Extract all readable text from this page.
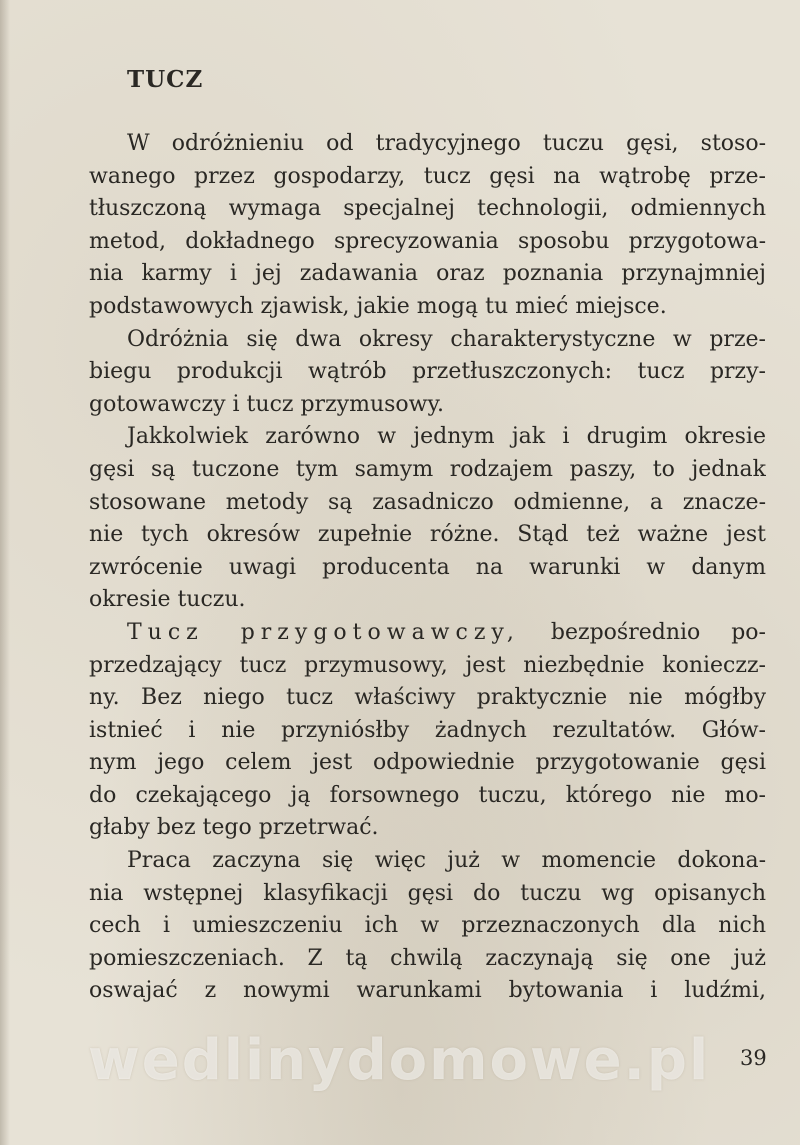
TUCZ
W odróżnieniu od tradycyjnego tuczu gęsi, stoso-
wanego przez gospodarzy, tucz gęsi na wątrobę prze-
tłuszczoną wymaga specjalnej technologii, odmiennych
metod, dokładnego sprecyzowania sposobu przygotowa-
nia karmy i jej zadawania oraz poznania przynajmniej
podstawowych zjawisk, jakie mogą tu mieć miejsce.
Odróżnia się dwa okresy charakterystyczne w prze-
biegu produkcji wątrób przetłuszczonych: tucz przy-
gotowawczy i tucz przymusowy.
Jakkolwiek zarówno w jednym jak i drugim okresie
gęsi są tuczone tym samym rodzajem paszy, to jednak
stosowane metody są zasadniczo odmienne, a znacze-
nie tych okresów zupełnie różne. Stąd też ważne jest
zwrócenie uwagi producenta na warunki w danym
okresie tuczu.
Tucz przygotowawczy, bezpośrednio po-
przedzający tucz przymusowy, jest niezbędnie konieczz-
ny. Bez niego tucz właściwy praktycznie nie mógłby
istnieć i nie przyniósłby żadnych rezultatów. Głów-
nym jego celem jest odpowiednie przygotowanie gęsi
do czekającego ją forsownego tuczu, którego nie mo-
głaby bez tego przetrwać.
Praca zaczyna się więc już w momencie dokona-
nia wstępnej klasyfikacji gęsi do tuczu wg opisanych
cech i umieszczeniu ich w przeznaczonych dla nich
pomieszczeniach. Z tą chwilą zaczynają się one już
oswajać z nowymi warunkami bytowania i ludźmi,

wedlinydomowe.pl 39
